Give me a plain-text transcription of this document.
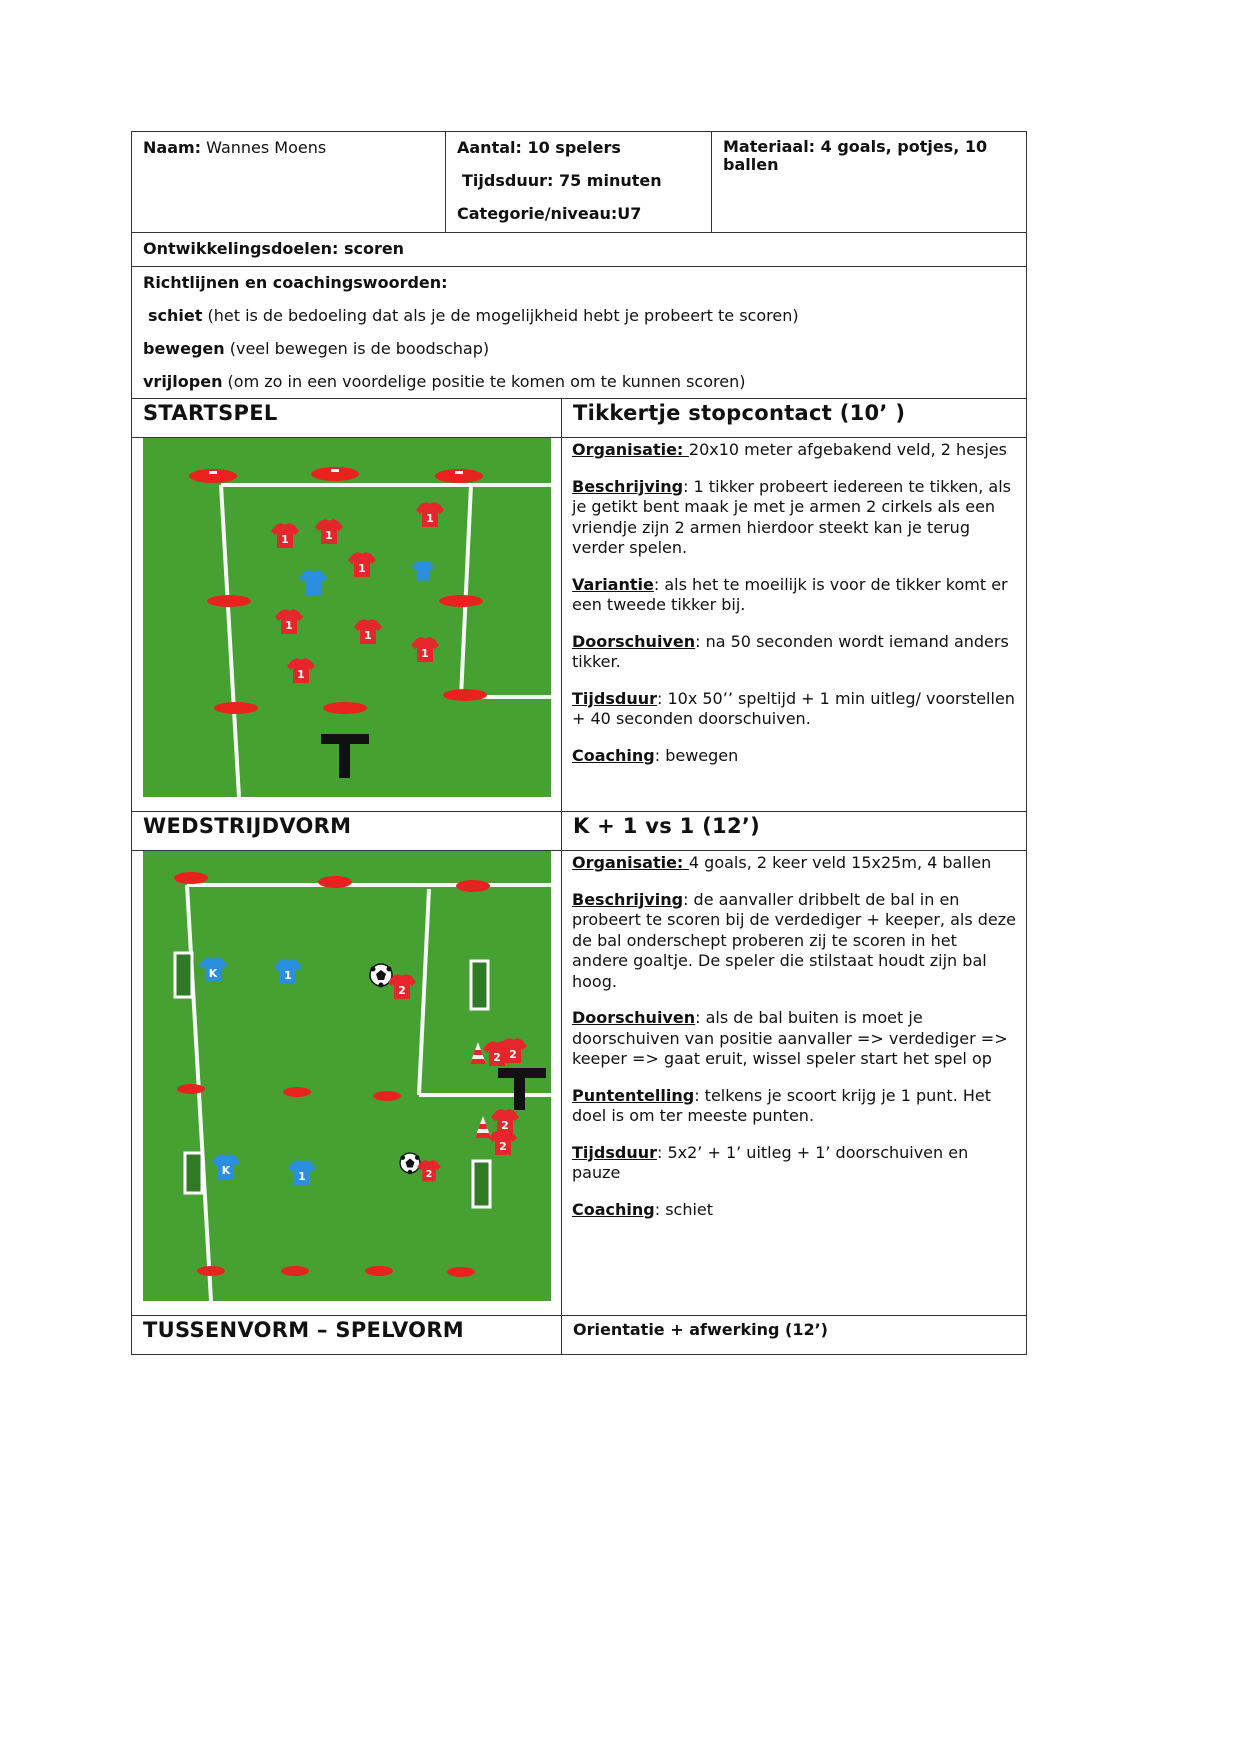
Naam: Wannes Moens	Aantal: 10 spelers
Tijdsduur: 75 minuten
Categorie/niveau:U7
Materiaal: 4 goals, potjes, 10 ballen
Ontwikkelingsdoelen: scoren
Richtlijnen en coachingswoorden:
schiet (het is de bedoeling dat als je de mogelijkheid hebt je probeert te scoren)
bewegen (veel bewegen is de boodschap)
vrijlopen (om zo in een voordelige positie te komen om te kunnen scoren)
STARTSPEL	Tikkertje stopcontact (10’ )
1	1
1
1
1
1
1
1

Organisatie: 20x10 meter afgebakend veld, 2 hesjes

Beschrijving: 1 tikker probeert iedereen te tikken, als je getikt bent maak je met je armen 2 cirkels als een vriendje zijn 2 armen hierdoor steekt kan je terug verder spelen.

Variantie: als het te moeilijk is voor de tikker komt er een tweede tikker bij.

Doorschuiven: na 50 seconden wordt iemand anders tikker.

Tijdsduur: 10x 50’’ speltijd + 1 min uitleg/ voorstellen + 40 seconden doorschuiven.

Coaching: bewegen

WEDSTRIJDVORM	K + 1 vs 1 (12’)
K
K
1
1
2
2
2 2
2
2

Organisatie: 4 goals, 2 keer veld 15x25m, 4 ballen

Beschrijving: de aanvaller dribbelt de bal in en probeert te scoren bij de verdediger + keeper, als deze de bal onderschept proberen zij te scoren in het andere goaltje. De speler die stilstaat houdt zijn bal hoog.

Doorschuiven: als de bal buiten is moet je doorschuiven van positie aanvaller => verdediger => keeper => gaat eruit, wissel speler start het spel op

Puntentelling: telkens je scoort krijg je 1 punt. Het doel is om ter meeste punten.

Tijdsduur: 5x2’ + 1’ uitleg + 1’ doorschuiven en pauze

Coaching: schiet

TUSSENVORM – SPELVORM	Orientatie + afwerking (12’)
